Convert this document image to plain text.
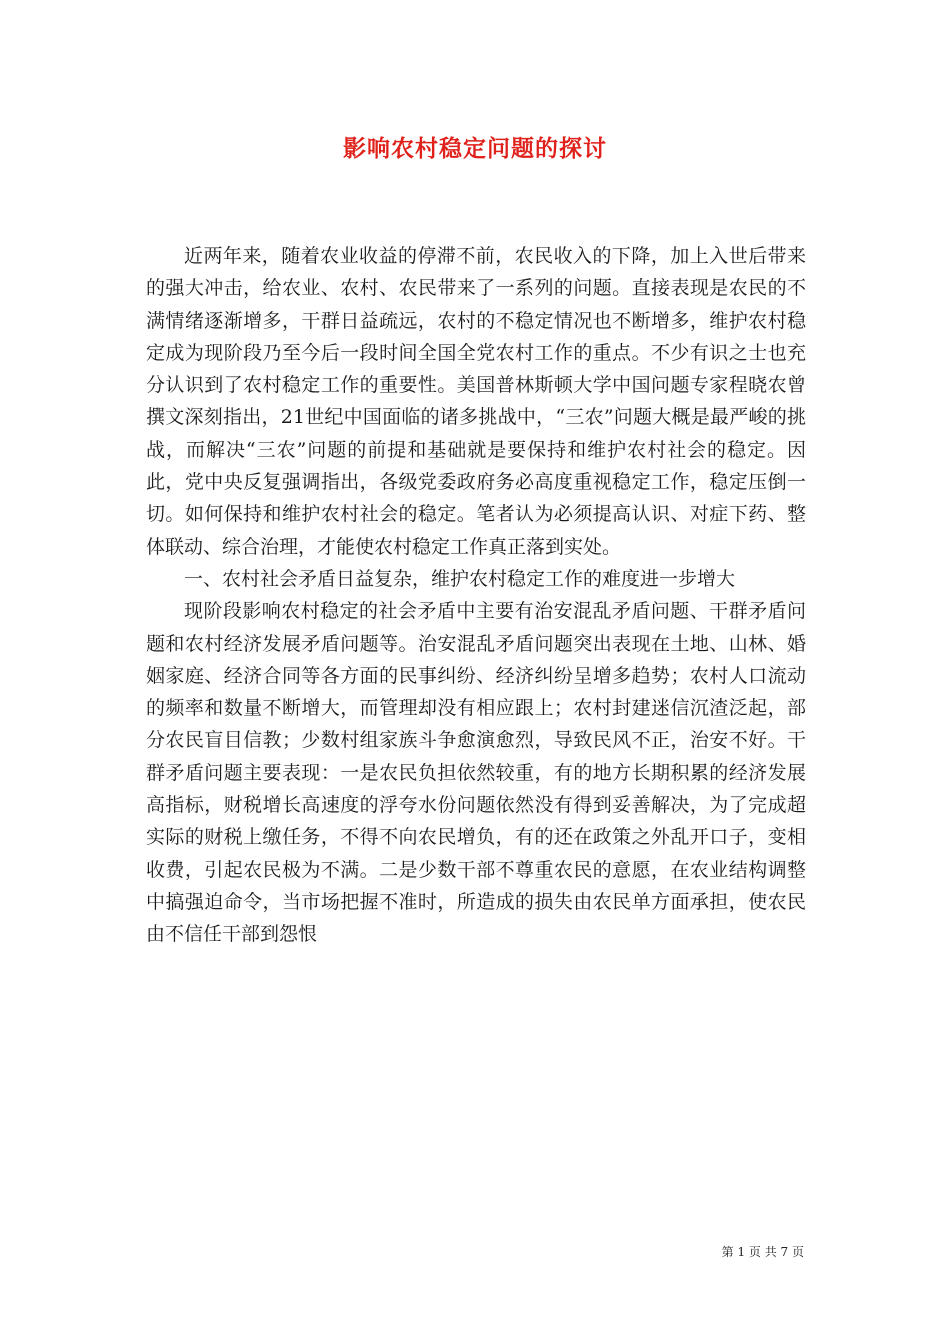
影响农村稳定问题的探讨

近两年来，随着农业收益的停滞不前，农民收入的下降，加上入世后带来的强大冲击，给农业、农村、农民带来了一系列的问题。直接表现是农民的不满情绪逐渐增多，干群日益疏远，农村的不稳定情况也不断增多，维护农村稳定成为现阶段乃至今后一段时间全国全党农村工作的重点。不少有识之士也充分认识到了农村稳定工作的重要性。美国普林斯顿大学中国问题专家程晓农曾撰文深刻指出，21世纪中国面临的诸多挑战中，“三农”问题大概是最严峻的挑战，而解决“三农”问题的前提和基础就是要保持和维护农村社会的稳定。因此，党中央反复强调指出，各级党委政府务必高度重视稳定工作，稳定压倒一切。如何保持和维护农村社会的稳定。笔者认为必须提高认识、对症下药、整体联动、综合治理，才能使农村稳定工作真正落到实处。

一、农村社会矛盾日益复杂，维护农村稳定工作的难度进一步增大

现阶段影响农村稳定的社会矛盾中主要有治安混乱矛盾问题、干群矛盾问题和农村经济发展矛盾问题等。治安混乱矛盾问题突出表现在土地、山林、婚姻家庭、经济合同等各方面的民事纠纷、经济纠纷呈增多趋势；农村人口流动的频率和数量不断增大，而管理却没有相应跟上；农村封建迷信沉渣泛起，部分农民盲目信教；少数村组家族斗争愈演愈烈，导致民风不正，治安不好。干群矛盾问题主要表现：一是农民负担依然较重，有的地方长期积累的经济发展高指标，财税增长高速度的浮夸水份问题依然没有得到妥善解决，为了完成超实际的财税上缴任务，不得不向农民增负，有的还在政策之外乱开口子，变相收费，引起农民极为不满。二是少数干部不尊重农民的意愿，在农业结构调整中搞强迫命令，当市场把握不准时，所造成的损失由农民单方面承担，使农民由不信任干部到怨恨

第 1 页 共 7 页
